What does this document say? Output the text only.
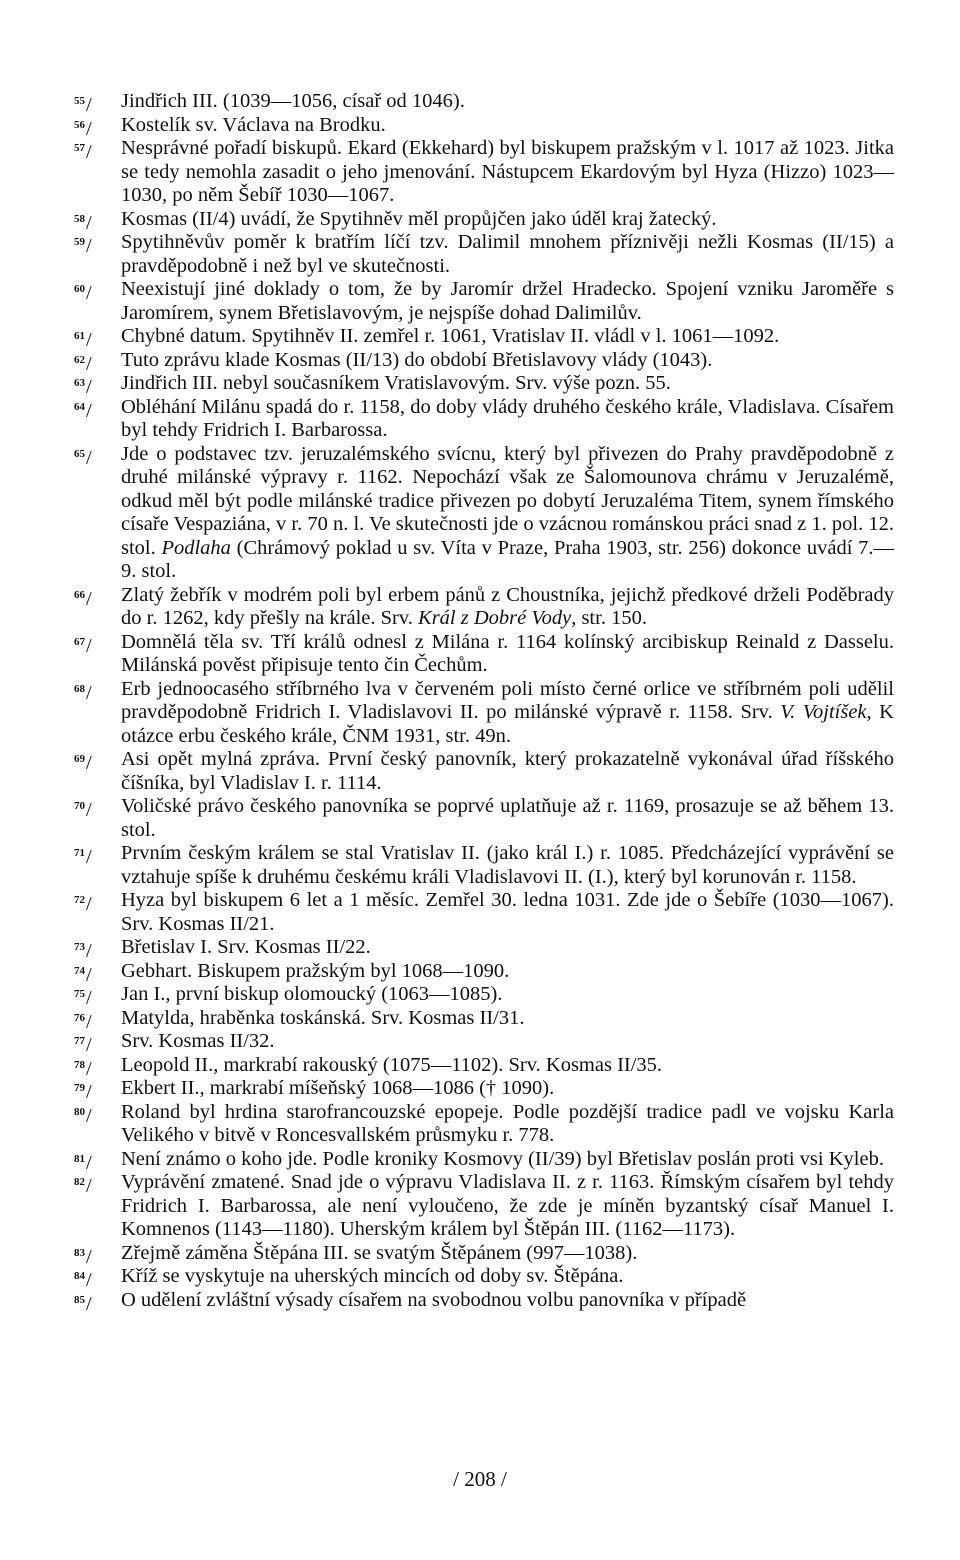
$^{55}$/ Jindřich III. (1039—1056, císař od 1046).
$^{56}$/ Kostelík sv. Václava na Brodku.
$^{57}$/ Nesprávné pořadí biskupů. Ekard (Ekkehard) byl biskupem pražským v l. 1017 až 1023. Jitka se tedy nemohla zasadit o jeho jmenování. Nástupcem Ekardovým byl Hyza (Hizzo) 1023—1030, po něm Šebíř 1030—1067.
$^{58}$/ Kosmas (II/4) uvádí, že Spytihněv měl propůjčen jako úděl kraj žatecký.
$^{59}$/ Spytihněvův poměr k bratřím líčí tzv. Dalimil mnohem příznivěji nežli Kosmas (II/15) a pravděpodobně i než byl ve skutečnosti.
$^{60}$/ Neexistují jiné doklady o tom, že by Jaromír držel Hradecko. Spojení vzniku Jaroměře s Jaromírem, synem Břetislavovým, je nejspíše dohad Dalimilův.
$^{61}$/ Chybné datum. Spytihněv II. zemřel r. 1061, Vratislav II. vládl v l. 1061—1092.
$^{62}$/ Tuto zprávu klade Kosmas (II/13) do období Břetislavovy vlády (1043).
$^{63}$/ Jindřich III. nebyl současníkem Vratislavovým. Srv. výše pozn. 55.
$^{64}$/ Obléhání Milánu spadá do r. 1158, do doby vlády druhého českého krále, Vladislava. Císařem byl tehdy Fridrich I. Barbarossa.
$^{65}$/ Jde o podstavec tzv. jeruzalémského svícnu, který byl přivezen do Prahy pravděpodobně z druhé milánské výpravy r. 1162. Nepochází však ze Šalomounova chrámu v Jeruzalémě, odkud měl být podle milánské tradice přivezen po dobytí Jeruzaléma Titem, synem římského císaře Vespaziána, v r. 70 n. l. Ve skutečnosti jde o vzácnou románskou práci snad z 1. pol. 12. stol. Podlaha (Chrámový poklad u sv. Víta v Praze, Praha 1903, str. 256) dokonce uvádí 7.—9. stol.
$^{66}$/ Zlatý žebřík v modrém poli byl erbem pánů z Choustníka, jejichž předkové drželi Poděbrady do r. 1262, kdy přešly na krále. Srv. Král z Dobré Vody, str. 150.
$^{67}$/ Domnělá těla sv. Tří králů odnesl z Milána r. 1164 kolínský arcibiskup Reinald z Dasselu. Milánská pověst připisuje tento čin Čechům.
$^{68}$/ Erb jednoocasého stříbrného lva v červeném poli místo černé orlice ve stříbrném poli udělil pravděpodobně Fridrich I. Vladislavovi II. po milánské výpravě r. 1158. Srv. V. Vojtíšek, K otázce erbu českého krále, ČNM 1931, str. 49n.
$^{69}$/ Asi opět mylná zpráva. První český panovník, který prokazatelně vykonával úřad říšského číšníka, byl Vladislav I. r. 1114.
$^{70}$/ Voličské právo českého panovníka se poprvé uplatňuje až r. 1169, prosazuje se až během 13. stol.
$^{71}$/ Prvním českým králem se stal Vratislav II. (jako král I.) r. 1085. Předcházející vyprávění se vztahuje spíše k druhému českému králi Vladislavovi II. (I.), který byl korunován r. 1158.
$^{72}$/ Hyza byl biskupem 6 let a 1 měsíc. Zemřel 30. ledna 1031. Zde jde o Šebíře (1030—1067). Srv. Kosmas II/21.
$^{73}$/ Břetislav I. Srv. Kosmas II/22.
$^{74}$/ Gebhart. Biskupem pražským byl 1068—1090.
$^{75}$/ Jan I., první biskup olomoucký (1063—1085).
$^{76}$/ Matylda, hraběnka toskánská. Srv. Kosmas II/31.
$^{77}$/ Srv. Kosmas II/32.
$^{78}$/ Leopold II., markrabí rakouský (1075—1102). Srv. Kosmas II/35.
$^{79}$/ Ekbert II., markrabí míšeňský 1068—1086 († 1090).
$^{80}$/ Roland byl hrdina starofrancouzské epopeje. Podle pozdější tradice padl ve vojsku Karla Velikého v bitvě v Roncesvallském průsmyku r. 778.
$^{81}$/ Není známo o koho jde. Podle kroniky Kosmovy (II/39) byl Břetislav poslán proti vsi Kyleb.
$^{82}$/ Vyprávění zmatené. Snad jde o výpravu Vladislava II. z r. 1163. Římským císařem byl tehdy Fridrich I. Barbarossa, ale není vyloučeno, že zde je míněn byzantský císař Manuel I. Komnenos (1143—1180). Uherským králem byl Štěpán III. (1162—1173).
$^{83}$/ Zřejmě záměna Štěpána III. se svatým Štěpánem (997—1038).
$^{84}$/ Kříž se vyskytuje na uherských mincích od doby sv. Štěpána.
$^{85}$/ O udělení zvláštní výsady císařem na svobodnou volbu panovníka v případě
/ 208 /
